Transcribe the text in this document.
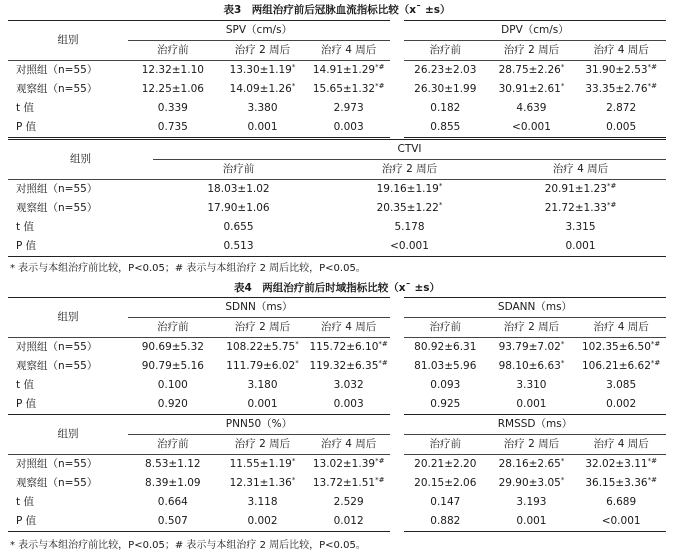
表3　两组治疗前后冠脉血流指标比较（x¯ ±s）
组别	SPV（cm/s）			DPV（cm/s）		
	治疗前	治疗 2 周后	治疗 4 周后	治疗前	治疗 2 周后	治疗 4 周后
对照组（n=55）	12.32±1.10	13.30±1.19*	14.91±1.29*#	26.23±2.03	28.75±2.26*	31.90±2.53*#
观察组（n=55）	12.25±1.06	14.09±1.26*	15.65±1.32*#	26.30±1.99	30.91±2.61*	33.35±2.76*#
t 值	0.339	3.380	2.973	0.182	4.639	2.872
P 值	0.735	0.001	0.003	0.855	<0.001	0.005
组别	CTVI		
	治疗前	治疗 2 周后	治疗 4 周后
对照组（n=55）	18.03±1.02	19.16±1.19*	20.91±1.23*#
观察组（n=55）	17.90±1.06	20.35±1.22*	21.72±1.33*#
t 值	0.655	5.178	3.315
P 值	0.513	<0.001	0.001
* 表示与本组治疗前比较，P<0.05；# 表示与本组治疗 2 周后比较，P<0.05。
表4　两组治疗前后时域指标比较（x¯ ±s）
组别	SDNN（ms）			SDANN（ms）		
	治疗前	治疗 2 周后	治疗 4 周后	治疗前	治疗 2 周后	治疗 4 周后
对照组（n=55）	90.69±5.32	108.22±5.75*	115.72±6.10*#	80.92±6.31	93.79±7.02*	102.35±6.50*#
观察组（n=55）	90.79±5.16	111.79±6.02*	119.32±6.35*#	81.03±5.96	98.10±6.63*	106.21±6.62*#
t 值	0.100	3.180	3.032	0.093	3.310	3.085
P 值	0.920	0.001	0.003	0.925	0.001	0.002
组别	PNN50（%）			RMSSD（ms）		
	治疗前	治疗 2 周后	治疗 4 周后	治疗前	治疗 2 周后	治疗 4 周后
对照组（n=55）	8.53±1.12	11.55±1.19*	13.02±1.39*#	20.21±2.20	28.16±2.65*	32.02±3.11*#
观察组（n=55）	8.39±1.09	12.31±1.36*	13.72±1.51*#	20.15±2.06	29.90±3.05*	36.15±3.36*#
t 值	0.664	3.118	2.529	0.147	3.193	6.689
P 值	0.507	0.002	0.012	0.882	0.001	<0.001
* 表示与本组治疗前比较，P<0.05；# 表示与本组治疗 2 周后比较，P<0.05。
